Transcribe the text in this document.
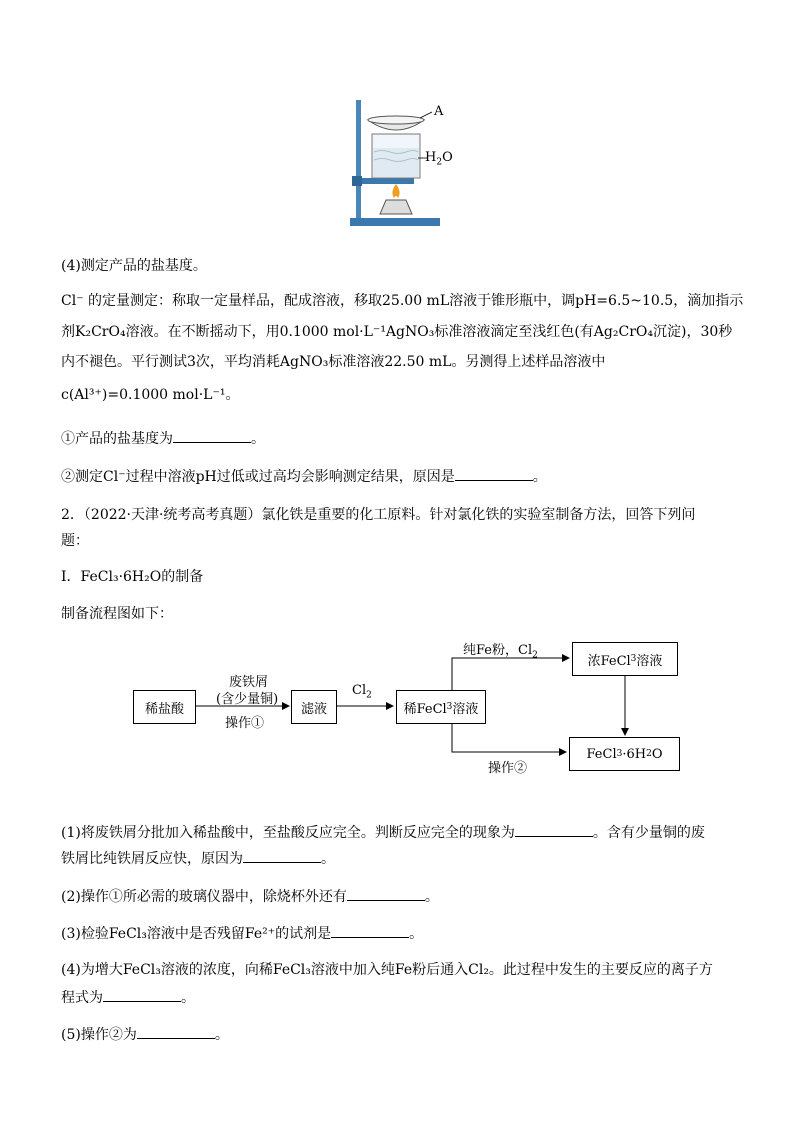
A
$H_2O$
(4)测定产品的盐基度。
Cl⁻ 的定量测定：称取一定量样品，配成溶液，移取25.00 mL溶液于锥形瓶中，调pH=6.5~10.5，滴加指示
剂K₂CrO₄溶液。在不断摇动下，用0.1000 mol·L⁻¹AgNO₃标准溶液滴定至浅红色(有Ag₂CrO₄沉淀)，30秒
内不褪色。平行测试3次，平均消耗AgNO₃标准溶液22.50 mL。另测得上述样品溶液中
c(Al³⁺)=0.1000 mol·L⁻¹。
①产品的盐基度为	。
②测定Cl⁻过程中溶液pH过低或过高均会影响测定结果，原因是	。
2．（2022·天津·统考高考真题）氯化铁是重要的化工原料。针对氯化铁的实验室制备方法，回答下列问
题：
Ⅰ．FeCl₃·6H₂O的制备
制备流程图如下：
稀盐酸
废铁屑
(含少量铜)
操作①
滤液
$Cl_2$
稀FeCl 3 溶液
纯Fe粉，$Cl_2$	浓FeCl 3 溶液
操作②
FeCl 3 ·6H 2 O
(1)将废铁屑分批加入稀盐酸中，至盐酸反应完全。判断反应完全的现象为	。含有少量铜的废
铁屑比纯铁屑反应快，原因为	。
(2)操作①所必需的玻璃仪器中，除烧杯外还有	。
(3)检验FeCl₃溶液中是否残留Fe²⁺的试剂是	。
(4)为增大FeCl₃溶液的浓度，向稀FeCl₃溶液中加入纯Fe粉后通入Cl₂。此过程中发生的主要反应的离子方
程式为	。
(5)操作②为	。
